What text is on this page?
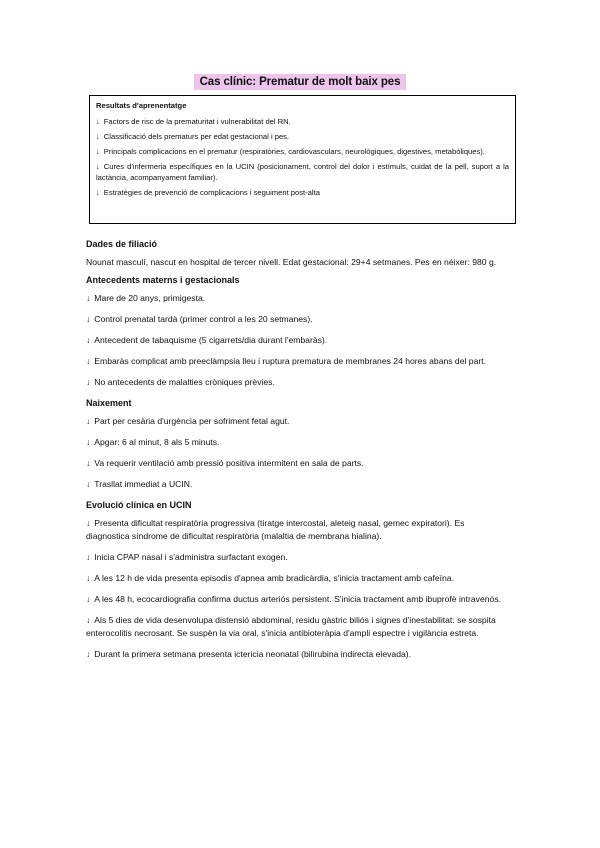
Cas clínic: Prematur de molt baix pes
Resultats d'aprenentatge
↓ Factors de risc de la prematuritat i vulnerabilitat del RN.
↓ Classificació dels prematurs per edat gestacional i pes.
↓ Principals complicacions en el prematur (respiratòries, cardiovasculars, neurològiques, digestives, metabòliques).
↓ Cures d'infermeria específiques en la UCIN (posicionament, control del dolor i estímuls, cuidat de la pell, suport a la lactància, acompanyament familiar).
↓ Estratègies de prevenció de complicacions i seguiment post-alta
Dades de filiació
Nounat masculí, nascut en hospital de tercer nivell. Edat gestacional: 29+4 setmanes. Pes en néixer: 980 g.
Antecedents materns i gestacionals
↓ Mare de 20 anys, primigesta.
↓ Control prenatal tardà (primer control a les 20 setmanes).
↓ Antecedent de tabaquisme (5 cigarrets/dia durant l'embaràs).
↓ Embaràs complicat amb preeclàmpsia lleu i ruptura prematura de membranes 24 hores abans del part.
↓ No antecedents de malalties cròniques prèvies.
Naixement
↓ Part per cesària d'urgència per sofriment fetal agut.
↓ Apgar: 6 al minut, 8 als 5 minuts.
↓ Va requerir ventilació amb pressió positiva intermitent en sala de parts.
↓ Trasllat immediat a UCIN.
Evolució clínica en UCIN
↓ Presenta dificultat respiratòria progressiva (tiratge intercostal, aleteig nasal, gemec expiratori). Es diagnostica síndrome de dificultat respiratòria (malaltia de membrana hialina).
↓ Inicia CPAP nasal i s'administra surfactant exogen.
↓ A les 12 h de vida presenta episodis d'apnea amb bradicàrdia, s'inicia tractament amb cafeïna.
↓ A les 48 h, ecocardiografia confirma ductus arteriós persistent. S'inicia tractament amb ibuprofè intravenós.
↓ Als 5 dies de vida desenvolupa distensió abdominal, residu gàstric biliós i signes d'inestabilitat: se sospita enterocolitis necrosant. Se suspèn la via oral, s'inicia antibioteràpia d'ampli espectre i vigilància estreta.
↓ Durant la primera setmana presenta ictericia neonatal (bilirubina indirecta elevada).
